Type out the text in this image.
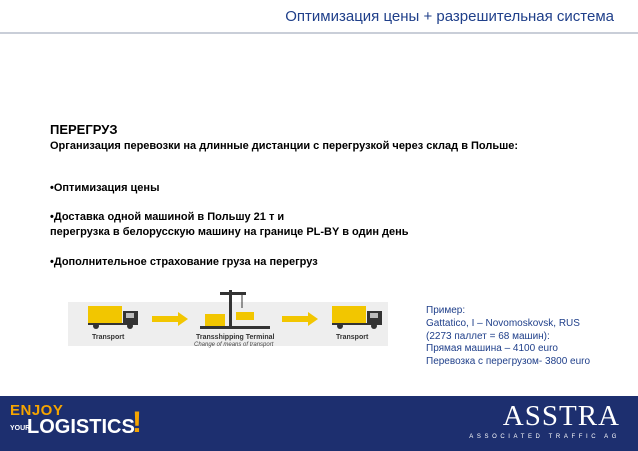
Оптимизация цены + разрешительная система
ПЕРЕГРУЗ
Организация перевозки на длинные дистанции с перегрузкой через склад в Польше:
•Оптимизация цены
•Доставка одной машиной в Польшу 21 т и
перегрузка в белорусскую машину на границе PL-BY в один день
•Дополнительное страхование груза на перегруз
Transport	Transshipping Terminal
Change of means of transport
Transport
Пример:
Gattatico, I – Novomoskovsk, RUS
(2273 паллет = 68 машин):
Прямая машина – 4100 euro
Перевозка с перегрузом- 3800 euro
ENJOY
YOUR
LOGISTICS
!	ASSTRA
ASSOCIATED TRAFFIC AG
